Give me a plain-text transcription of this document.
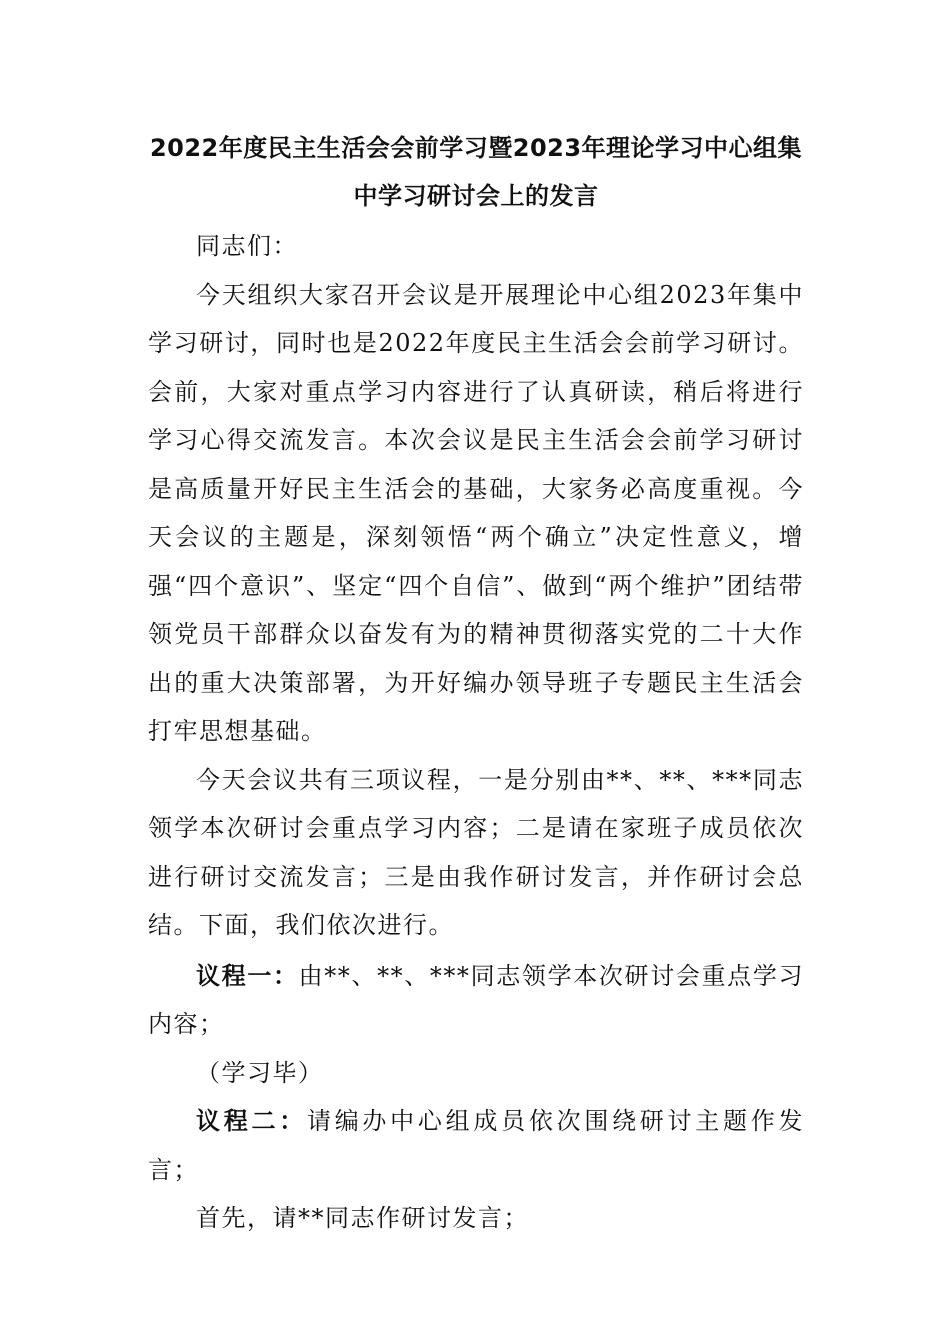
2022年度民主生活会会前学习暨2023年理论学习中心组集
中学习研讨会上的发言

同志们：

今天组织大家召开会议是开展理论中心组2023年集中学习研讨，同时也是2022年度民主生活会会前学习研讨。会前，大家对重点学习内容进行了认真研读，稍后将进行学习心得交流发言。本次会议是民主生活会会前学习研讨是高质量开好民主生活会的基础，大家务必高度重视。今天会议的主题是，深刻领悟“两个确立”决定性意义，增强“四个意识”、坚定“四个自信”、做到“两个维护”团结带领党员干部群众以奋发有为的精神贯彻落实党的二十大作出的重大决策部署，为开好编办领导班子专题民主生活会打牢思想基础。

今天会议共有三项议程，一是分别由**、**、***同志领学本次研讨会重点学习内容；二是请在家班子成员依次进行研讨交流发言；三是由我作研讨发言，并作研讨会总结。下面，我们依次进行。

议程一：由**、**、***同志领学本次研讨会重点学习内容；

（学习毕）

议程二：请编办中心组成员依次围绕研讨主题作发言；

首先，请**同志作研讨发言；
